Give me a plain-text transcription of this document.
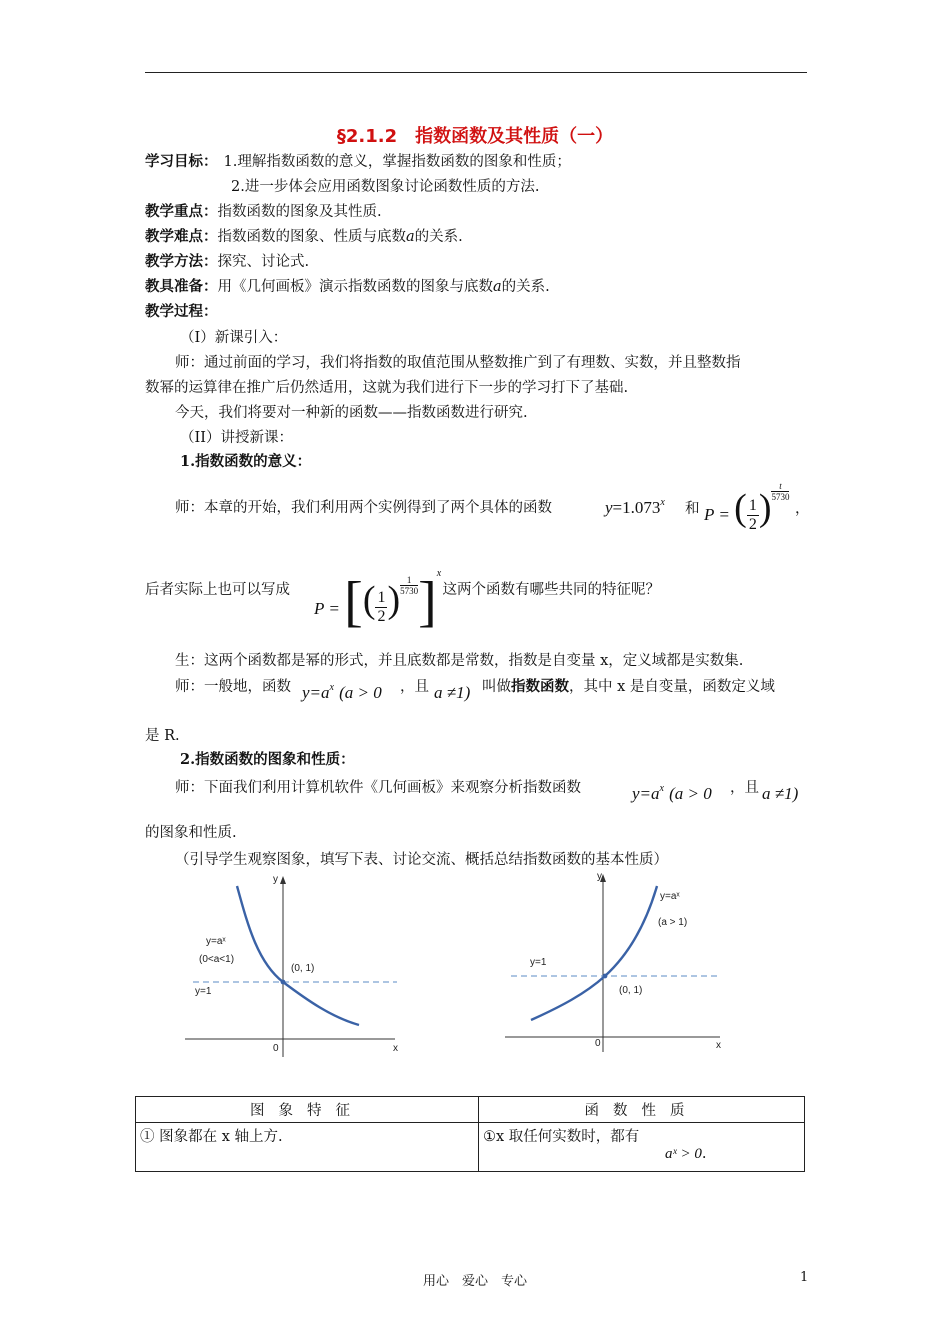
§2.1.2　指数函数及其性质（一）
学习目标： 1.理解指数函数的意义，掌握指数函数的图象和性质；
2.进一步体会应用函数图象讨论函数性质的方法.
教学重点：指数函数的图象及其性质.
教学难点：指数函数的图象、性质与底数a的关系.
教学方法：探究、讨论式.
教具准备：用《几何画板》演示指数函数的图象与底数a的关系.
教学过程：
（I）新课引入：
师：通过前面的学习，我们将指数的取值范围从整数推广到了有理数、实数，并且整数指
数幂的运算律在推广后仍然适用，这就为我们进行下一步的学习打下了基础.
今天，我们将要对一种新的函数——指数函数进行研究.
（II）讲授新课：
1.指数函数的意义：
师：本章的开始，我们利用两个实例得到了两个具体的函数	$y=1.073^x$ 和 P = ( $\frac{1}{2}$ ) $\frac{t}{5730}$
，
后者实际上也可以写成
P = [( $\frac{1}{2}$ ) $\frac{1}{5730} ]^x$
，这两个函数有哪些共同的特征呢？
生：这两个函数都是幂的形式，并且底数都是常数，指数是自变量 x，定义域都是实数集.
师：一般地，函数 $y=a^x$ (a > 0 ，且 a ≠1) 叫做指数函数，其中 x 是自变量，函数定义域
是 R.
2.指数函数的图象和性质：
师：下面我们利用计算机软件《几何画板》来观察分析指数函数	$y=a^x$ (a > 0 ，且 a ≠1)
的图象和性质.
（引导学生观察图象，填写下表、讨论交流、概括总结指数函数的基本性质）
y
x
0
y=aˣ
(0<a<1)
(0, 1)
y=1
y
x
0
y=aˣ
(a > 1)
(0, 1)
y=1
图象特征	函数性质
① 图象都在 x 轴上方.	①x 取任何实数时，都有
aˣ > 0.
用心　爱心　专心	1
